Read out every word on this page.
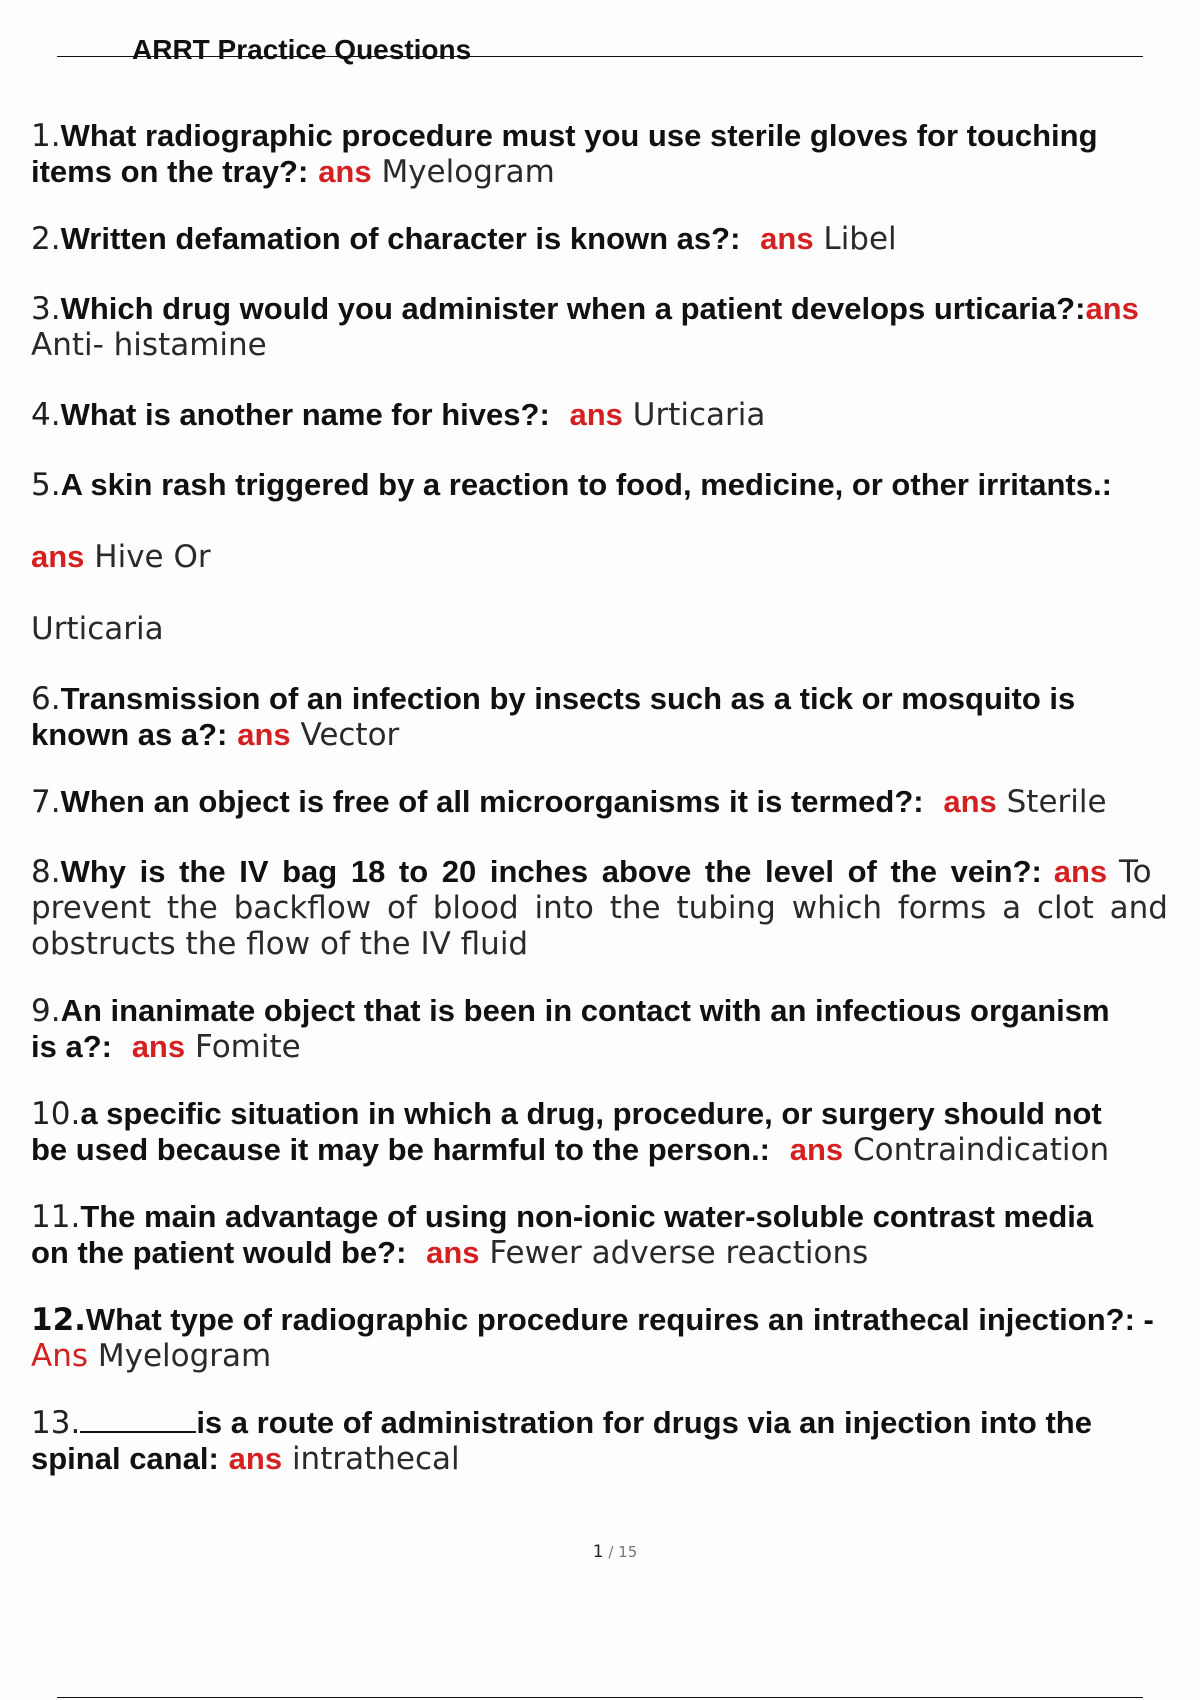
ARRT Practice Questions
1.What radiographic procedure must you use sterile gloves for touching
items on the tray?: ans Myelogram
2.Written defamation of character is known as?: ans Libel
3.Which drug would you administer when a patient develops urticaria?:ans
Anti- histamine
4.What is another name for hives?: ans Urticaria
5.A skin rash triggered by a reaction to food, medicine, or other irritants.:
ans Hive Or
Urticaria
6.Transmission of an infection by insects such as a tick or mosquito is
known as a?: ans Vector
7.When an object is free of all microorganisms it is termed?: ans Sterile
8.Why is the IV bag 18 to 20 inches above the level of the vein?: ans To
prevent the backflow of blood into the tubing which forms a clot and
obstructs the flow of the IV fluid
9.An inanimate object that is been in contact with an infectious organism
is a?: ans Fomite
10.a specific situation in which a drug, procedure, or surgery should not
be used because it may be harmful to the person.: ans Contraindication
11.The main advantage of using non-ionic water-soluble contrast media
on the patient would be?: ans Fewer adverse reactions
12.What type of radiographic procedure requires an intrathecal injection?: -
Ans Myelogram
13.	is a route of administration for drugs via an injection into the
spinal canal: ans intrathecal
1 / 15
